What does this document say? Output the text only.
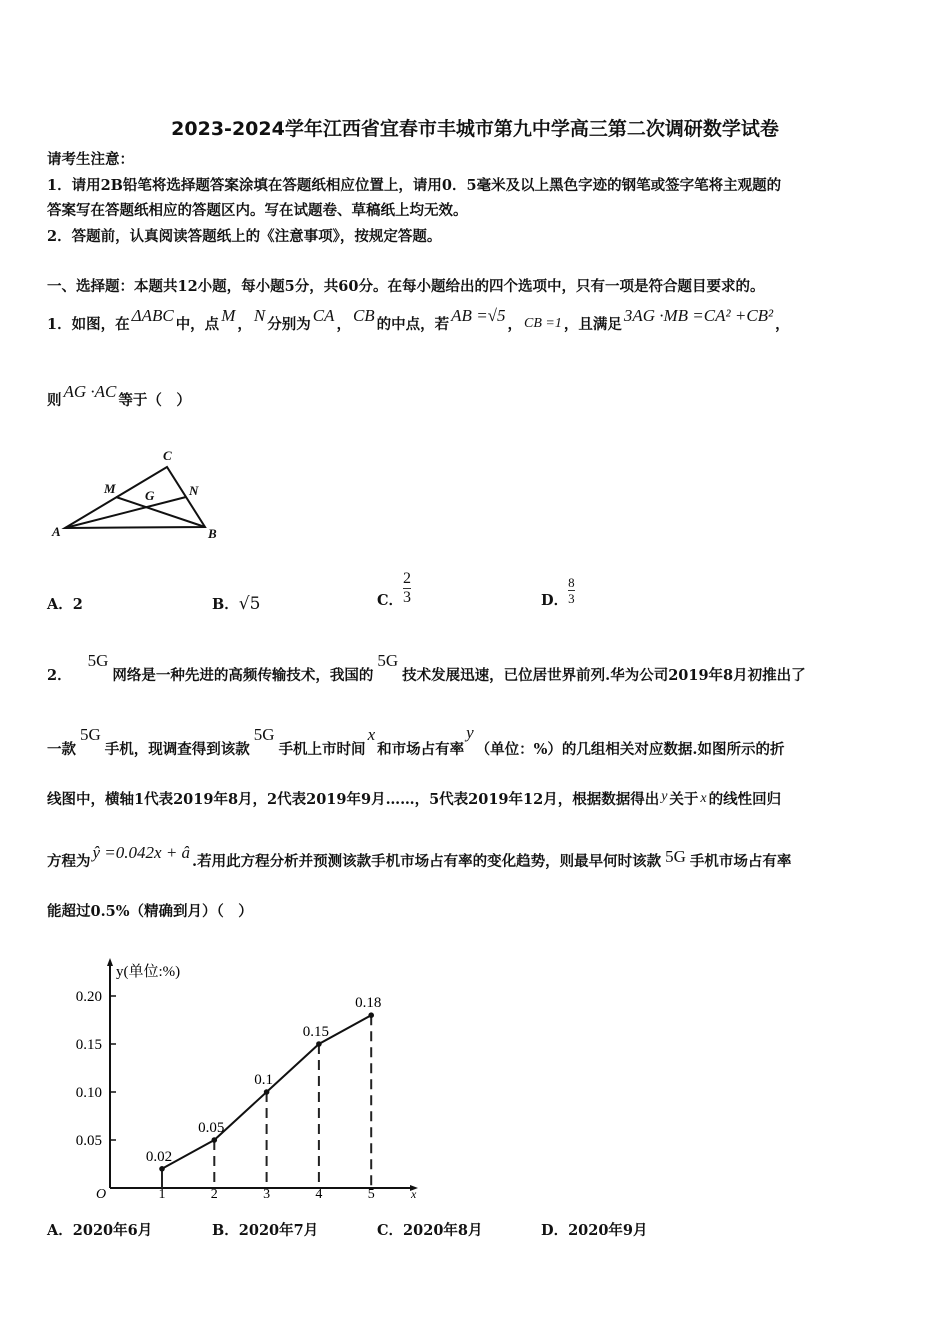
2023-2024学年江西省宜春市丰城市第九中学高三第二次调研数学试卷
请考生注意：
1．请用2B铅笔将选择题答案涂填在答题纸相应位置上，请用0．5毫米及以上黑色字迹的钢笔或签字笔将主观题的
答案写在答题纸相应的答题区内。写在试题卷、草稿纸上均无效。
2．答题前，认真阅读答题纸上的《注意事项》，按规定答题。
一、选择题：本题共12小题，每小题5分，共60分。在每小题给出的四个选项中，只有一项是符合题目要求的。
1．如图，在 ΔABC 中，点 M ， N 分别为 CA ， CB 的中点，若 AB =√5 ， CB =1 ，且满足 3AG ·MB =CA² +CB² ，
则 AG ·AC 等于（　）
A	B
C
M	N
G
A．2	B．√5	C． $\frac{2}{3}$	D． $\frac{8}{3}$
2．5G网络是一种先进的高频传输技术，我国的5G技术发展迅速，已位居世界前列.华为公司2019年8月初推出了
一款5G手机，现调查得到该款5G手机上市时间x和市场占有率y（单位：%）的几组相关对应数据.如图所示的折
线图中，横轴1代表2019年8月，2代表2019年9月……，5代表2019年12月，根据数据得出 y 关于 x 的线性回归
方程为 ŷ =0.042x + â .若用此方程分析并预测该款手机市场占有率的变化趋势，则最早何时该款 5G 手机市场占有率
能超过0.5%（精确到月）（　）
y(单位:%)
x
O
0.05
0.10
0.15
0.20
1	2	3	4	5
0.02
0.05
0.1
0.15
0.18
A．2020年6月	B．2020年7月	C．2020年8月	D．2020年9月
